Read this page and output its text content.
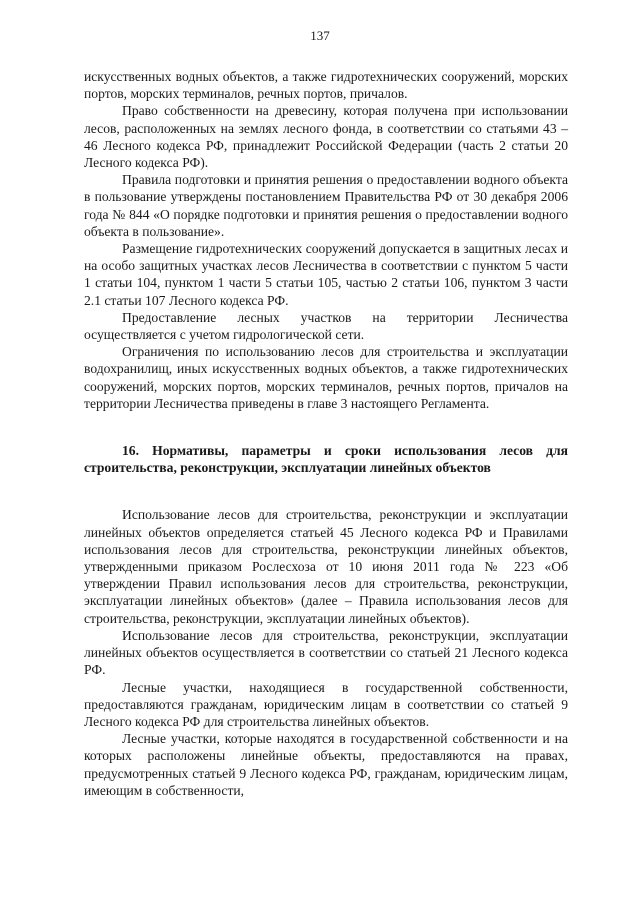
137

искусственных водных объектов, а также гидротехнических сооружений, морских портов, морских терминалов, речных портов, причалов.

Право собственности на древесину, которая получена при использовании лесов, расположенных на землях лесного фонда, в соответствии со статьями 43 – 46 Лесного кодекса РФ, принадлежит Российской Федерации (часть 2 статьи 20 Лесного кодекса РФ).

Правила подготовки и принятия решения о предоставлении водного объекта в пользование утверждены постановлением Правительства РФ от 30 декабря 2006 года № 844 «О порядке подготовки и принятия решения о предоставлении водного объекта в пользование».

Размещение гидротехнических сооружений допускается в защитных лесах и на особо защитных участках лесов Лесничества в соответствии с пунктом 5 части 1 статьи 104, пунктом 1 части 5 статьи 105, частью 2 статьи 106, пунктом 3 части 2.1 статьи 107 Лесного кодекса РФ.

Предоставление лесных участков на территории Лесничества осуществляется с учетом гидрологической сети.

Ограничения по использованию лесов для строительства и эксплуатации водохранилищ, иных искусственных водных объектов, а также гидротехнических сооружений, морских портов, морских терминалов, речных портов, причалов на территории Лесничества приведены в главе 3 настоящего Регламента.

16. Нормативы, параметры и сроки использования лесов для строительства, реконструкции, эксплуатации линейных объектов

Использование лесов для строительства, реконструкции и эксплуатации линейных объектов определяется статьей 45 Лесного кодекса РФ и Правилами использования лесов для строительства, реконструкции линейных объектов, утвержденными приказом Рослесхоза от 10 июня 2011 года № 223 «Об утверждении Правил использования лесов для строительства, реконструкции, эксплуатации линейных объектов» (далее – Правила использования лесов для строительства, реконструкции, эксплуатации линейных объектов).

Использование лесов для строительства, реконструкции, эксплуатации линейных объектов осуществляется в соответствии со статьей 21 Лесного кодекса РФ.

Лесные участки, находящиеся в государственной собственности, предоставляются гражданам, юридическим лицам в соответствии со статьей 9 Лесного кодекса РФ для строительства линейных объектов.

Лесные участки, которые находятся в государственной собственности и на которых расположены линейные объекты, предоставляются на правах, предусмотренных статьей 9 Лесного кодекса РФ, гражданам, юридическим лицам, имеющим в собственности,
